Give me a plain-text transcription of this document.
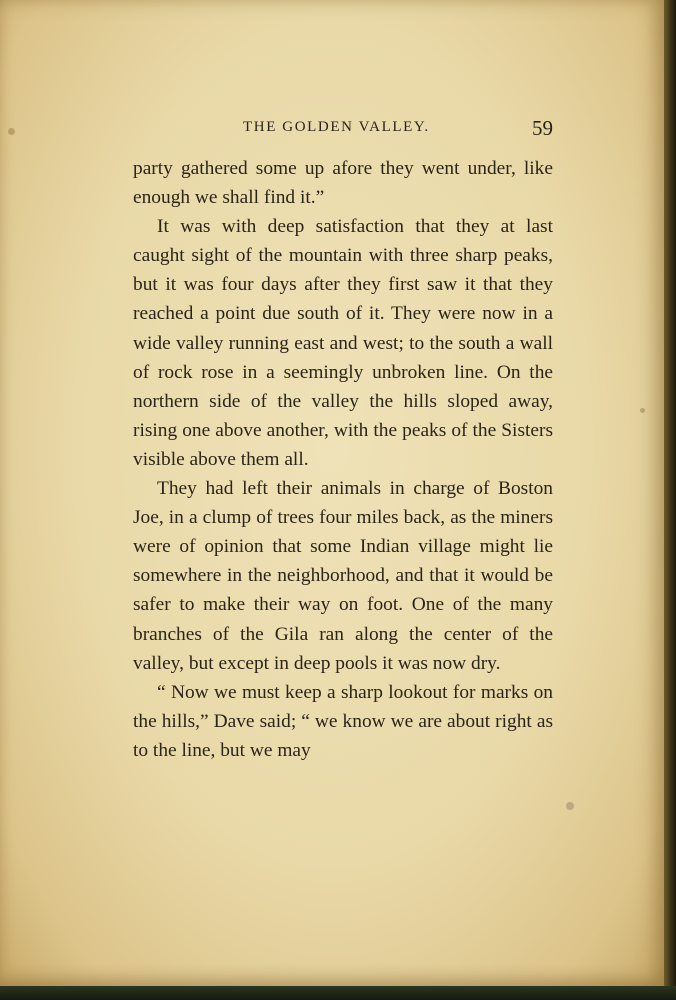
THE GOLDEN VALLEY.	59

party gathered some up afore they went under, like enough we shall find it.”

It was with deep satisfaction that they at last caught sight of the mountain with three sharp peaks, but it was four days after they first saw it that they reached a point due south of it. They were now in a wide valley running east and west; to the south a wall of rock rose in a seemingly unbroken line. On the northern side of the valley the hills sloped away, rising one above another, with the peaks of the Sisters visible above them all.

They had left their animals in charge of Boston Joe, in a clump of trees four miles back, as the miners were of opinion that some Indian village might lie somewhere in the neighborhood, and that it would be safer to make their way on foot. One of the many branches of the Gila ran along the center of the valley, but except in deep pools it was now dry.

“ Now we must keep a sharp lookout for marks on the hills,” Dave said; “ we know we are about right as to the line, but we may
